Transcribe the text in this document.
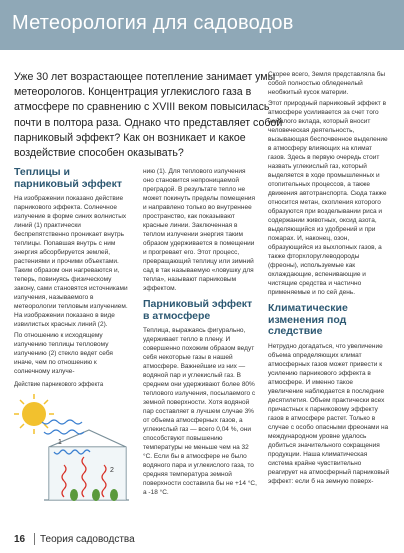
Метеорология для садоводов
Уже 30 лет возрастающее потепление занимает умы метеорологов. Концентрация углекислого газа в атмосфере по сравнению с XVIII веком повысилась почти в полтора раза. Однако что представляет собой парниковый эффект? Как он возникает и какое воздействие способен оказывать?
Теплицы и парниковый эффект

На изображении показано действие парникового эффекта. Солнечное излучение в форме синих волнистых линий (1) практически беспрепятственно проникает внутрь теплицы. Попавшая внутрь с ним энергия абсорбируется землей, растениями и прочими объектами. Таким образом они нагреваются и, теперь, повинуясь физическому закону, сами становятся источниками излучения, называемого в метеорологии тепловым излучением. На изображении показано в виде извилистых красных линий (2).

По отношению к исходящему излучению теплицы тепловому излучению (2) стекло ведет себя иначе, чем по отношению к солнечному излуче-

Действие парникового эффекта
1
2

нию (1). Для теплового излучения оно становится непроницаемой преградой. В результате тепло не может покинуть пределы помещения и направлено только во внутреннее пространство, как показывают красные линии. Заключенная в теплом излучении энергия таким образом удерживается в помещении и прогревает его. Этот процесс, превращающий теплицу или зимний сад в так называемую «ловушку для тепла», называют парниковым эффектом.

Парниковый эффект в атмосфере

Теплица, выражаясь фигурально, удерживает тепло в плену. И совершенно похожим образом ведут себя некоторые газы в нашей атмосфере. Важнейшие из них — водяной пар и углекислый газ. В среднем они удерживают более 80% теплового излучения, посылаемого с земной поверхности. Хотя водяной пар составляет в лучшем случае 3% от объема атмосферных газов, а углекислый газ — всего 0,04 %, они способствуют повышению температуры не меньше чем на 32 °С. Если бы в атмосфере не было водяного пара и углекислого газа, то средняя температура земной поверхности составила бы не +14 °С, а -18 °С.

Скорее всего, Земля представляла бы собой полностью обледенелый необжитый кусок материи.

Этот природный парниковый эффект в атмосфере усиливается за счет того немалого вклада, который вносит человеческая деятельность, вызывающая беспочвенное выделение в атмосферу влияющих на климат газов. Здесь в первую очередь стоит назвать углекислый газ, который выделяется в ходе промышленных и отопительных процессов, а также движения автотранспорта. Сюда также относится метан, скопления которого образуются при возделывании риса и содержании животных, оксид азота, выделяющийся из удобрений и при пожарах. И, наконец, озон, образующийся из выхлопных газов, а также фторхлоруглеводороды (фреоны), используемые как охлаждающие, вспенивающие и чистящие средства и частично применяемые и по сей день.

Климатические изменения под следствие

Нетрудно догадаться, что увеличение объема определяющих климат атмосферных газов может привести к усилению парникового эффекта в атмосфере. И именно такое увеличение наблюдается в последние десятилетия. Объем практически всех причастных к парниковому эффекту газов в атмосфере растет. Только в случае с особо опасными фреонами на международном уровне удалось добиться значительного сокращения продукции. Наша климатическая система крайне чувствительно реагирует на атмосферный парниковый эффект: если б на земную поверх-

16 Теория садоводства
